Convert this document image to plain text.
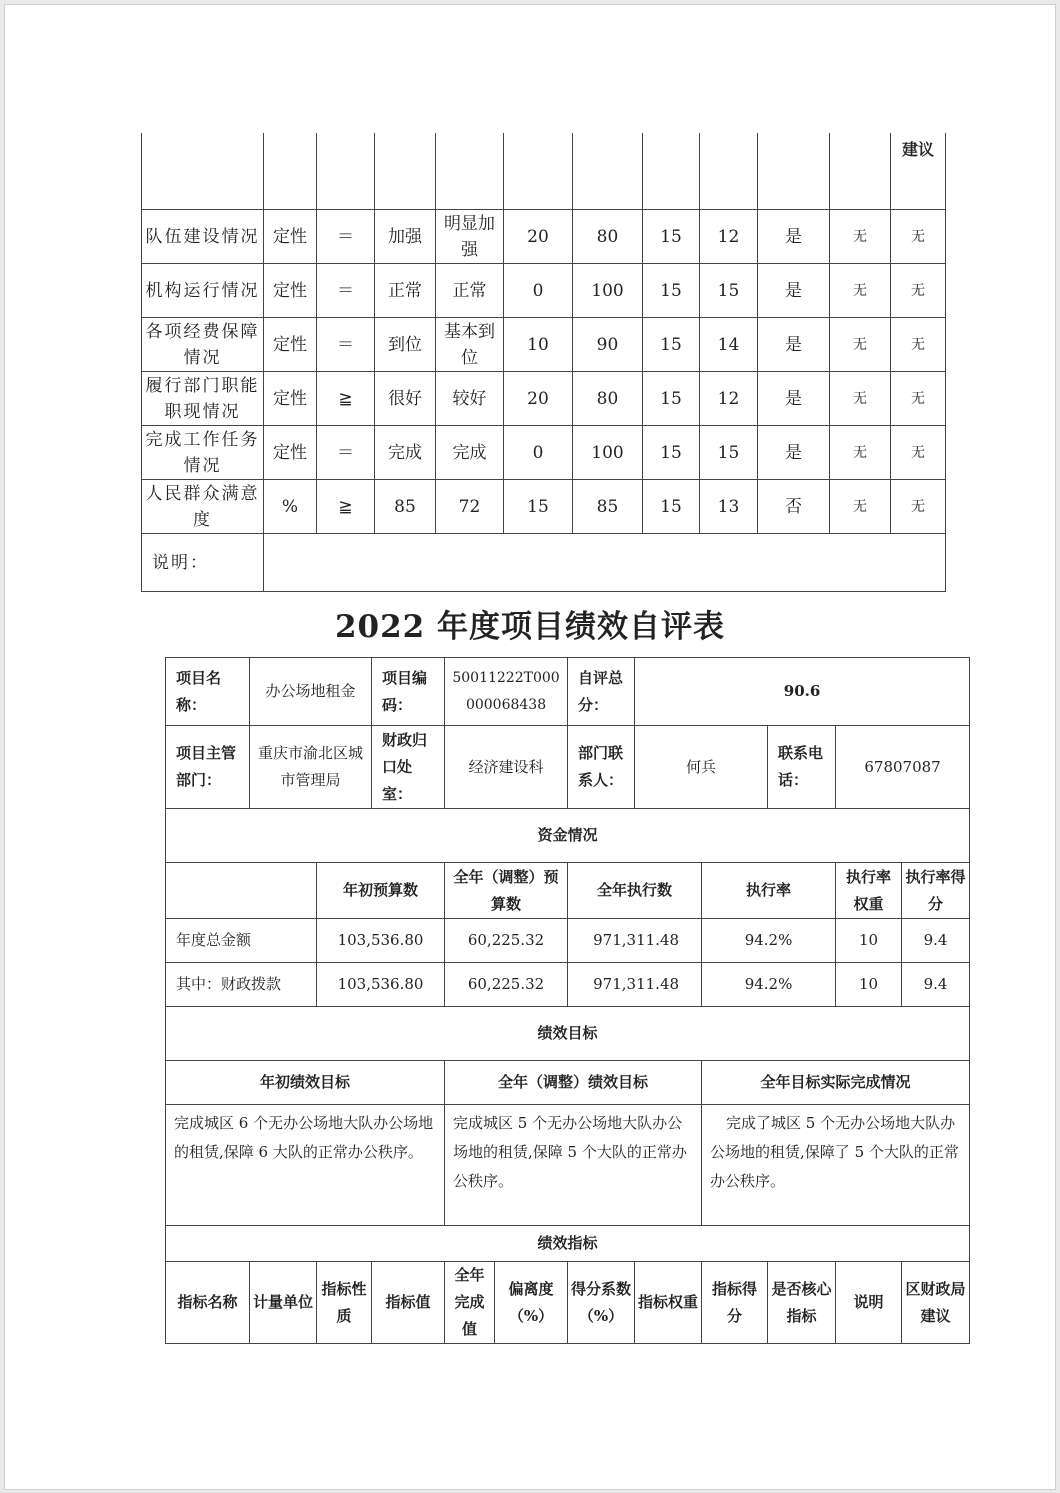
											建议
队伍建设情况	定性	＝	加强	明显加强	20	80	15	12	是	无	无
机构运行情况	定性	＝	正常	正常	0	100	15	15	是	无	无
各项经费保障情况	定性	＝	到位	基本到位	10	90	15	14	是	无	无
履行部门职能职现情况	定性	≧	很好	较好	20	80	15	12	是	无	无
完成工作任务情况	定性	＝	完成	完成	0	100	15	15	是	无	无
人民群众满意度	%	≧	85	72	15	85	15	13	否	无	无
说明：											
2022 年度项目绩效自评表
项目名称：	办公场地租金		项目编码：	50011222T000000068438		自评总分：	90.6				
项目主管部门：	重庆市渝北区城市管理局		财政归口处室：	经济建设科		部门联系人：	何兵		联系电话：	67807087	
资金情况											
		年初预算数		全年（调整）预算数		全年执行数		执行率		执行率权重	执行率得分
年度总金额		103,536.80		60,225.32		971,311.48		94.2%		10	9.4
其中：财政拨款		103,536.80		60,225.32		971,311.48		94.2%		10	9.4
绩效目标											
年初绩效目标				全年（调整）绩效目标				全年目标实际完成情况			
完成城区 6 个无办公场地大队办公场地的租赁,保障 6 大队的正常办公秩序。				完成城区 5 个无办公场地大队办公场地的租赁,保障 5 个大队的正常办公秩序。				完成了城区 5 个无办公场地大队办公场地的租赁,保障了 5 个大队的正常办公秩序。			
绩效指标											
指标名称	计量单位	指标性质	指标值	全年完成值	偏离度（%）	得分系数（%）	指标权重	指标得分	是否核心指标	说明	区财政局建议
